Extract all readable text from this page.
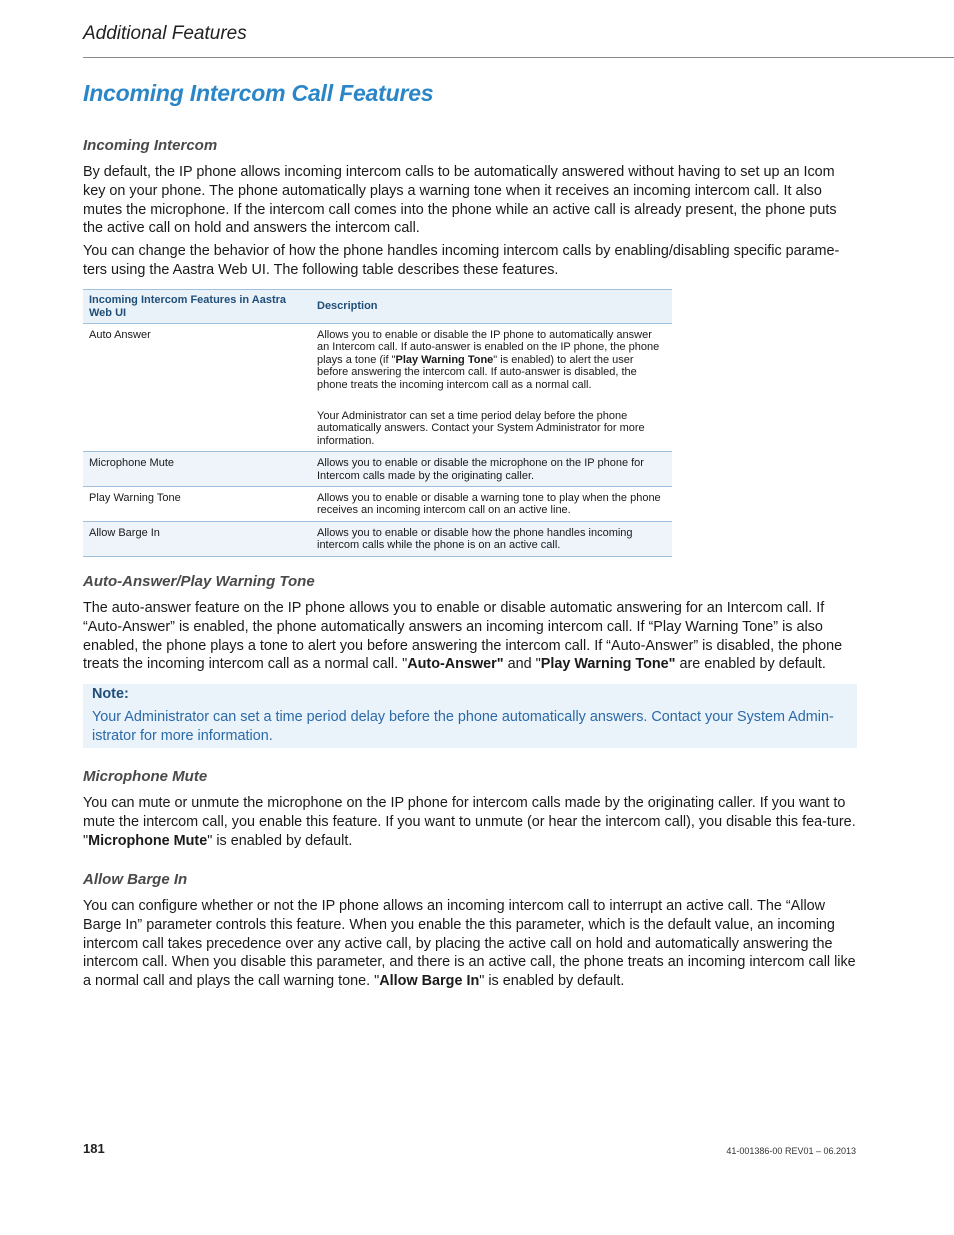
Additional Features
Incoming Intercom Call Features
Incoming Intercom

By default, the IP phone allows incoming intercom calls to be automatically answered without having to set up an Icom key on your phone. The phone automatically plays a warning tone when it receives an incoming intercom call. It also mutes the microphone. If the intercom call comes into the phone while an active call is already present, the phone puts the active call on hold and answers the intercom call.

You can change the behavior of how the phone handles incoming intercom calls by enabling/disabling specific parame-ters using the Aastra Web UI. The following table describes these features.

Incoming Intercom Features in Aastra Web UI	Description
Auto Answer	Allows you to enable or disable the IP phone to automatically answer an Intercom call. If auto-answer is enabled on the IP phone, the phone plays a tone (if "Play Warning Tone" is enabled) to alert the user before answering the intercom call. If auto-answer is disabled, the phone treats the incoming intercom call as a normal call.
Your Administrator can set a time period delay before the phone automatically answers. Contact your System Administrator for more information.

Microphone Mute	Allows you to enable or disable the microphone on the IP phone for Intercom calls made by the originating caller.
Play Warning Tone	Allows you to enable or disable a warning tone to play when the phone receives an incoming intercom call on an active line.
Allow Barge In	Allows you to enable or disable how the phone handles incoming intercom calls while the phone is on an active call.
Auto-Answer/Play Warning Tone

The auto-answer feature on the IP phone allows you to enable or disable automatic answering for an Intercom call. If “Auto-Answer” is enabled, the phone automatically answers an incoming intercom call. If “Play Warning Tone” is also enabled, the phone plays a tone to alert you before answering the intercom call. If “Auto-Answer” is disabled, the phone treats the incoming intercom call as a normal call. "Auto-Answer" and "Play Warning Tone" are enabled by default.

Note:
Your Administrator can set a time period delay before the phone automatically answers. Contact your System Admin-istrator for more information.
Microphone Mute

You can mute or unmute the microphone on the IP phone for intercom calls made by the originating caller. If you want to mute the intercom call, you enable this feature. If you want to unmute (or hear the intercom call), you disable this fea-ture. "Microphone Mute" is enabled by default.

Allow Barge In

You can configure whether or not the IP phone allows an incoming intercom call to interrupt an active call. The “Allow Barge In” parameter controls this feature. When you enable the this parameter, which is the default value, an incoming intercom call takes precedence over any active call, by placing the active call on hold and automatically answering the intercom call. When you disable this parameter, and there is an active call, the phone treats an incoming intercom call like a normal call and plays the call warning tone. "Allow Barge In" is enabled by default.

181	41-001386-00 REV01 – 06.2013
